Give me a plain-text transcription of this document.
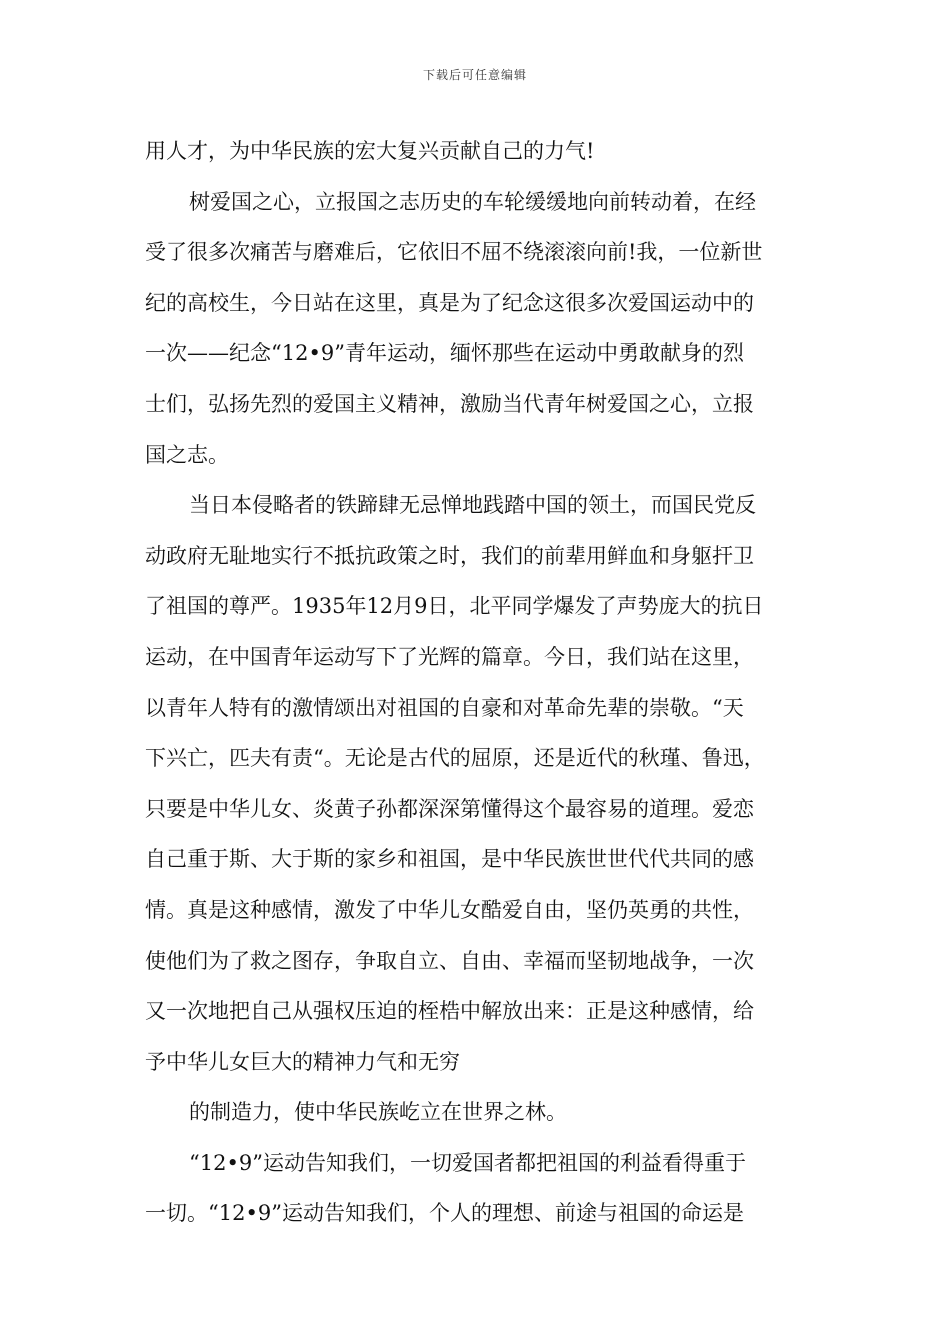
下载后可任意编辑
用人才，为中华民族的宏大复兴贡献自己的力气!
树爱国之心，立报国之志历史的车轮缓缓地向前转动着，在经
受了很多次痛苦与磨难后，它依旧不屈不绕滚滚向前!我，一位新世
纪的高校生，今日站在这里，真是为了纪念这很多次爱国运动中的
一次——纪念“12•9”青年运动，缅怀那些在运动中勇敢献身的烈
士们，弘扬先烈的爱国主义精神，激励当代青年树爱国之心，立报
国之志。
当日本侵略者的铁蹄肆无忌惮地践踏中国的领土，而国民党反
动政府无耻地实行不抵抗政策之时，我们的前辈用鲜血和身躯扞卫
了祖国的尊严。1935年12月9日，北平同学爆发了声势庞大的抗日
运动，在中国青年运动写下了光辉的篇章。今日，我们站在这里，
以青年人特有的激情颂出对祖国的自豪和对革命先辈的崇敬。“天
下兴亡，匹夫有责“。无论是古代的屈原，还是近代的秋瑾、鲁迅，
只要是中华儿女、炎黄子孙都深深第懂得这个最容易的道理。爱恋
自己重于斯、大于斯的家乡和祖国，是中华民族世世代代共同的感
情。真是这种感情，激发了中华儿女酷爱自由，坚仍英勇的共性，
使他们为了救之图存，争取自立、自由、幸福而坚韧地战争，一次
又一次地把自己从强权压迫的桎梏中解放出来：正是这种感情，给
予中华儿女巨大的精神力气和无穷
的制造力，使中华民族屹立在世界之林。
“12•9”运动告知我们，一切爱国者都把祖国的利益看得重于
一切。“12•9”运动告知我们，个人的理想、前途与祖国的命运是
